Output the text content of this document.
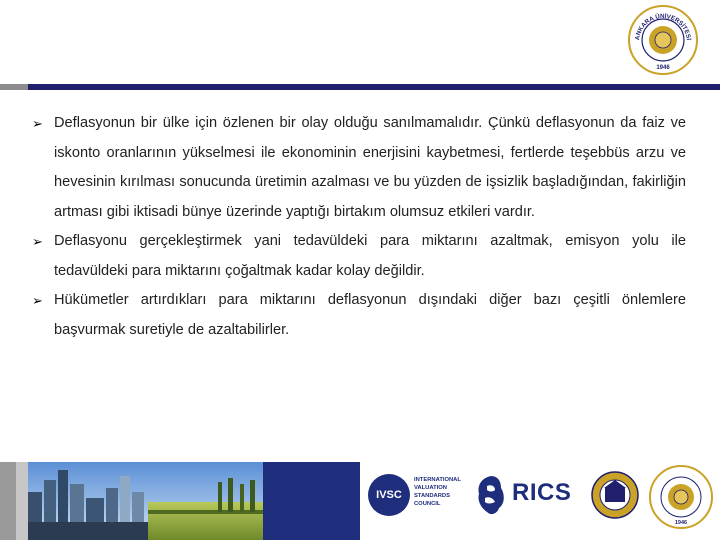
ANKARA ÜNİVERSİTESİ
1946
➢ Deflasyonun bir ülke için özlenen bir olay olduğu sanılmamalıdır. Çünkü deflasyonun da faiz ve iskonto oranlarının yükselmesi ile ekonominin enerjisini kaybetmesi, fertlerde teşebbüs arzu ve hevesinin kırılması sonucunda üretimin azalması ve bu yüzden de işsizlik başladığından, fakirliğin artması gibi iktisadi bünye üzerinde yaptığı birtakım olumsuz etkileri vardır.
➢ Deflasyonu gerçekleştirmek yani tedavüldeki para miktarını azaltmak, emisyon yolu ile tedavüldeki para miktarını çoğaltmak kadar kolay değildir.
➢ Hükümetler artırdıkları para miktarını deflasyonun dışındaki diğer bazı çeşitli önlemlere başvurmak suretiyle de azaltabilirler.
IVSC
INTERNATIONAL
VALUATION
STANDARDS
COUNCIL	RICS
1946
